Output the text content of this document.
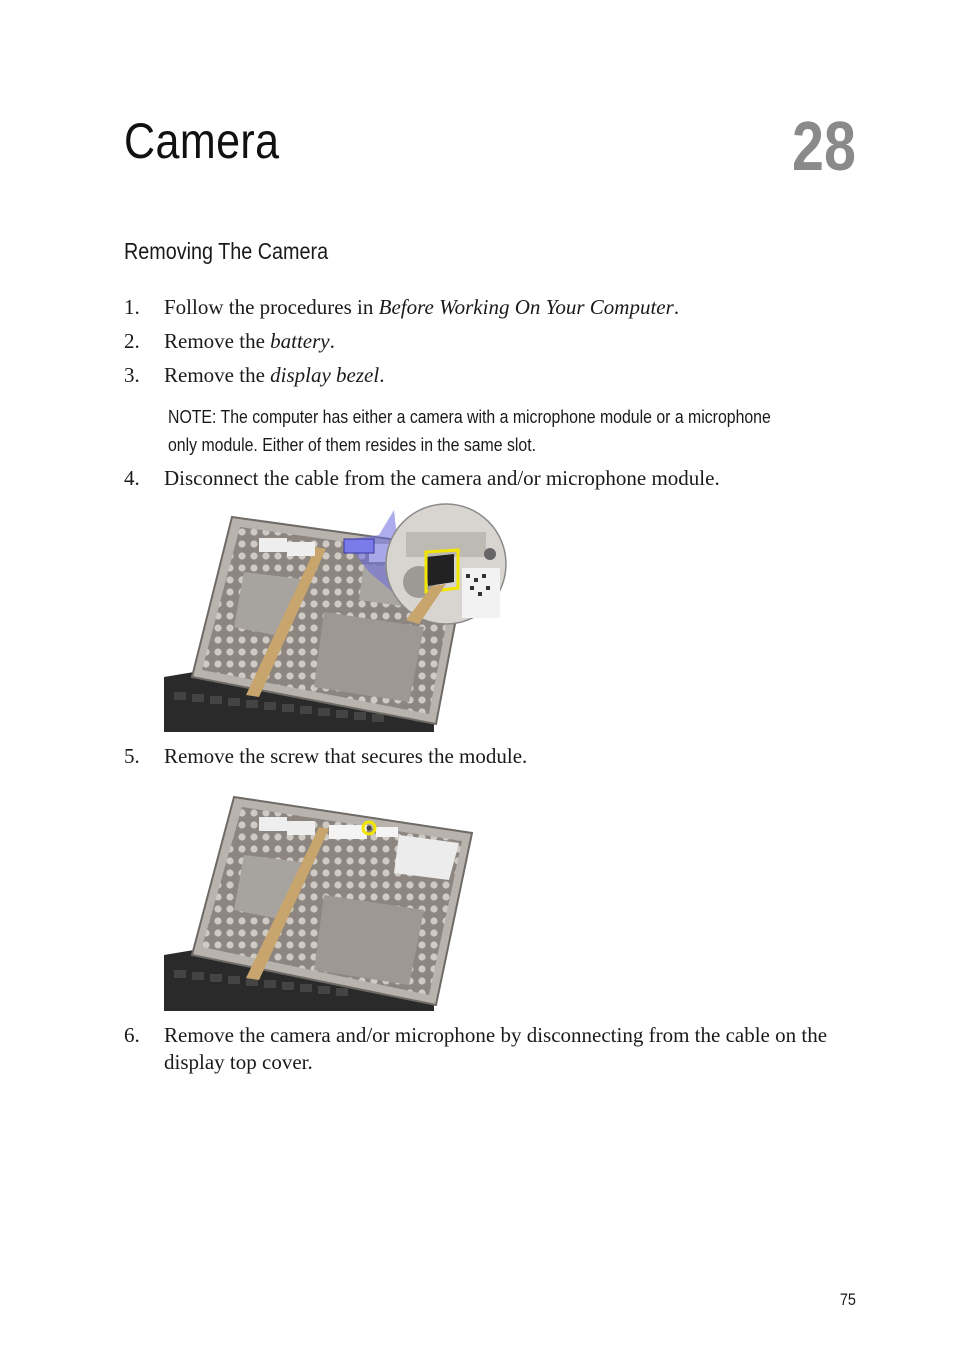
Camera	28
Removing The Camera
1. Follow the procedures in Before Working On Your Computer.
2. Remove the battery.
3. Remove the display bezel.
NOTE: The computer has either a camera with a microphone module or a microphone only module. Either of them resides in the same slot.
4. Disconnect the cable from the camera and/or microphone module.
5. Remove the screw that secures the module.
6. Remove the camera and/or microphone by disconnecting from the cable on the display top cover.
75
